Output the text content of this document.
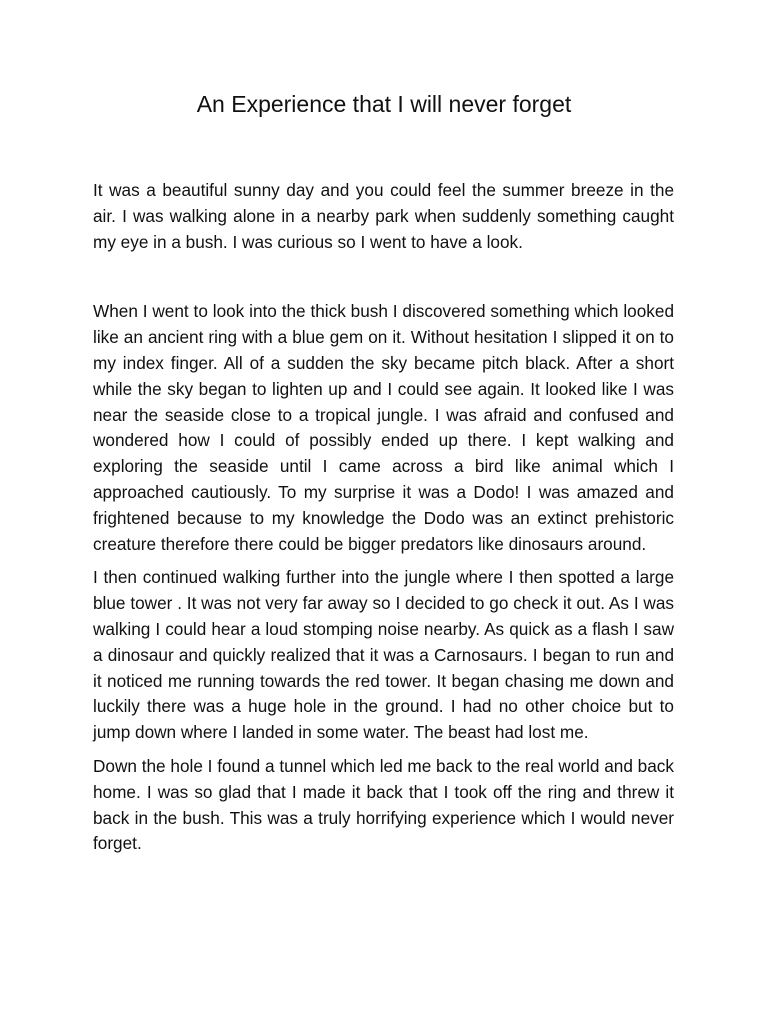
An Experience that I will never forget

It was a beautiful sunny day and you could feel the summer breeze in the air. I was walking alone in a nearby park when suddenly something caught my eye in a bush. I was curious so I went to have a look.

When I went to look into the thick bush I discovered something which looked like an ancient ring with a blue gem on it. Without hesitation I slipped it on to my index finger. All of a sudden the sky became pitch black. After a short while the sky began to lighten up and I could see again. It looked like I was near the seaside close to a tropical jungle. I was afraid and confused and wondered how I could of possibly ended up there. I kept walking and exploring the seaside until I came across a bird like animal which I approached cautiously. To my surprise it was a Dodo! I was amazed and frightened because to my knowledge the Dodo was an extinct prehistoric creature therefore there could be bigger predators like dinosaurs around.

I then continued walking further into the jungle where I then spotted a large blue tower . It was not very far away so I decided to go check it out. As I was walking I could hear a loud stomping noise nearby. As quick as a flash I saw a dinosaur and quickly realized that it was a Carnosaurs. I began to run and it noticed me running towards the red tower. It began chasing me down and luckily there was a huge hole in the ground. I had no other choice but to jump down where I landed in some water. The beast had lost me.

Down the hole I found a tunnel which led me back to the real world and back home. I was so glad that I made it back that I took off the ring and threw it back in the bush. This was a truly horrifying experience which I would never forget.
